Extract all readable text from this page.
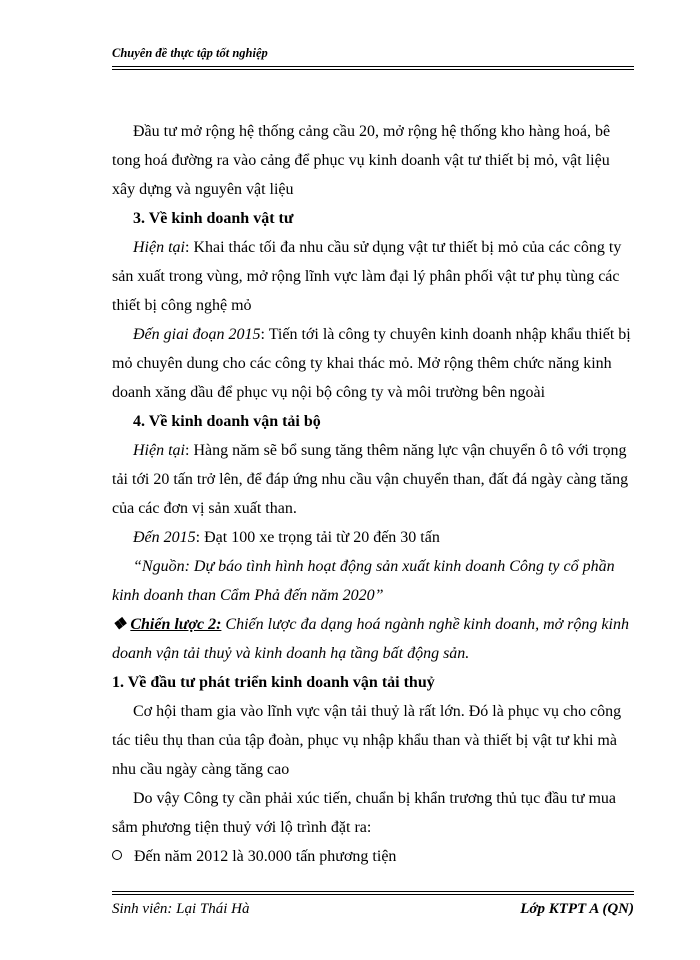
Chuyên đề thực tập tốt nghiệp
Đầu tư mở rộng hệ thống cảng cầu 20, mở rộng hệ thống kho hàng hoá, bê
tong hoá đường ra vào cảng để phục vụ kinh doanh vật tư thiết bị mỏ, vật liệu
xây dựng và nguyên vật liệu
3. Về kinh doanh vật tư
Hiện tại: Khai thác tối đa nhu cầu sử dụng vật tư thiết bị mỏ của các công ty
sản xuất trong vùng, mở rộng lĩnh vực làm đại lý phân phối vật tư phụ tùng các
thiết bị công nghệ mỏ
Đến giai đoạn 2015: Tiến tới là công ty chuyên kinh doanh nhập khẩu thiết bị
mỏ chuyên dung cho các công ty khai thác mỏ. Mở rộng thêm chức năng kinh
doanh xăng dầu để phục vụ nội bộ công ty và môi trường bên ngoài
4. Về kinh doanh vận tải bộ
Hiện tại: Hàng năm sẽ bổ sung tăng thêm năng lực vận chuyển ô tô với trọng
tải tới 20 tấn trở lên, để đáp ứng nhu cầu vận chuyển than, đất đá ngày càng tăng
của các đơn vị sản xuất than.
Đến 2015: Đạt 100 xe trọng tải từ 20 đến 30 tấn
“Nguồn: Dự báo tình hình hoạt động sản xuất kinh doanh Công ty cổ phần
kinh doanh than Cẩm Phả đến năm 2020”
❖ Chiến lược 2: Chiến lược đa dạng hoá ngành nghề kinh doanh, mở rộng kinh
doanh vận tải thuỷ và kinh doanh hạ tầng bất động sản.
1. Về đầu tư phát triển kinh doanh vận tải thuỷ
Cơ hội tham gia vào lĩnh vực vận tải thuỷ là rất lớn. Đó là phục vụ cho công
tác tiêu thụ than của tập đoàn, phục vụ nhập khẩu than và thiết bị vật tư khi mà
nhu cầu ngày càng tăng cao
Do vậy Công ty cần phải xúc tiến, chuẩn bị khẩn trương thủ tục đầu tư mua
sắm phương tiện thuỷ với lộ trình đặt ra:
Đến năm 2012 là 30.000 tấn phương tiện
Sinh viên: Lại Thái Hà	Lớp KTPT A (QN)
